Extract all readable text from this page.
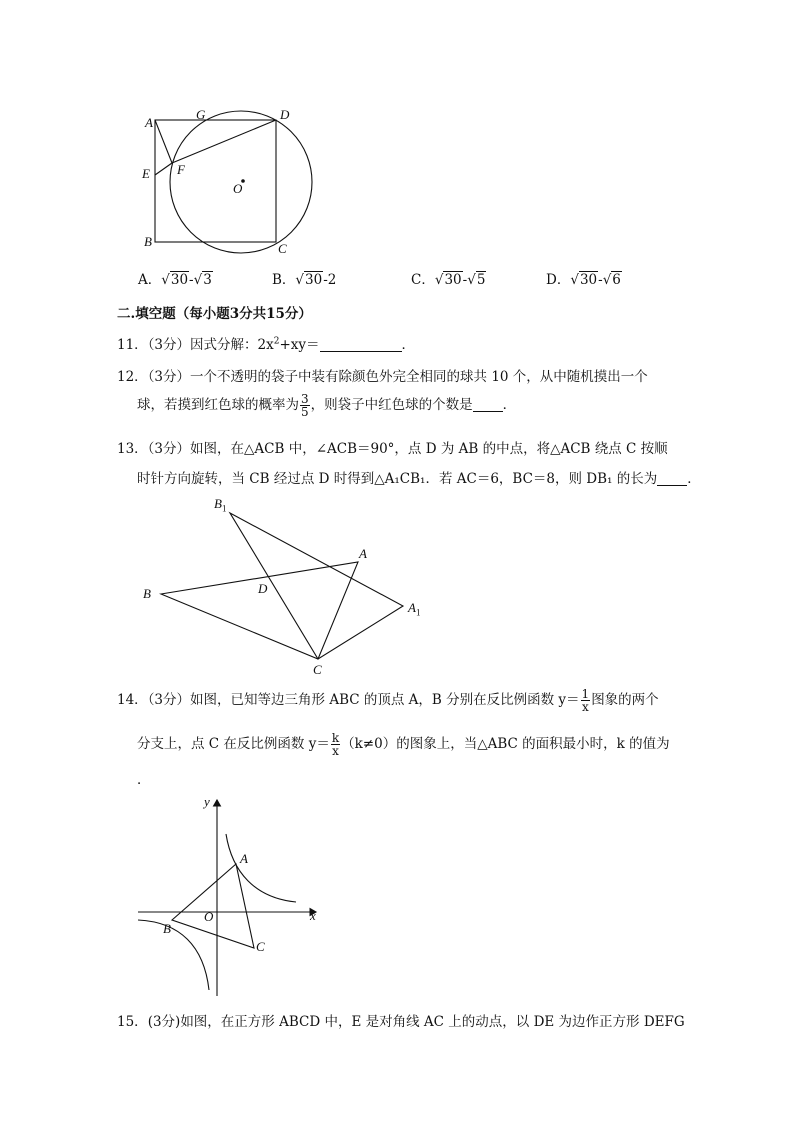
A
G	D
E F
O
B	C
A．√30-√3	B．√30-2	C．√30-√5	D．√30-√6
二.填空题（每小题3分共15分）
11．（3分）因式分解：$2x^2+xy=$	．
12．（3分）一个不透明的袋子中装有除颜色外完全相同的球共 10 个，从中随机摸出一个
球，若摸到红色球的概率为 $\frac{3}{5}$ ，则袋子中红色球的个数是 ．
13．（3分）如图，在△ACB 中，∠ACB＝90°，点 D 为 AB 的中点，将△ACB 绕点 C 按顺
时针方向旋转，当 CB 经过点 D 时得到△A₁CB₁．若 AC＝6，BC＝8，则 DB₁ 的长为 ．
$B_1$
A
B	D
$A_1$
C
14．（3分）如图，已知等边三角形 ABC 的顶点 A，B 分别在反比例函数 $y= \frac{1}{x}$ 图象的两个
分支上，点 C 在反比例函数 $y= \frac{k}{x} (k\ne 0)$的图象上，当△ABC 的面积最小时，k 的值为
．
y
A
O	x
B
C
15．(3分)如图，在正方形 ABCD 中，E 是对角线 AC 上的动点，以 DE 为边作正方形 DEFG
